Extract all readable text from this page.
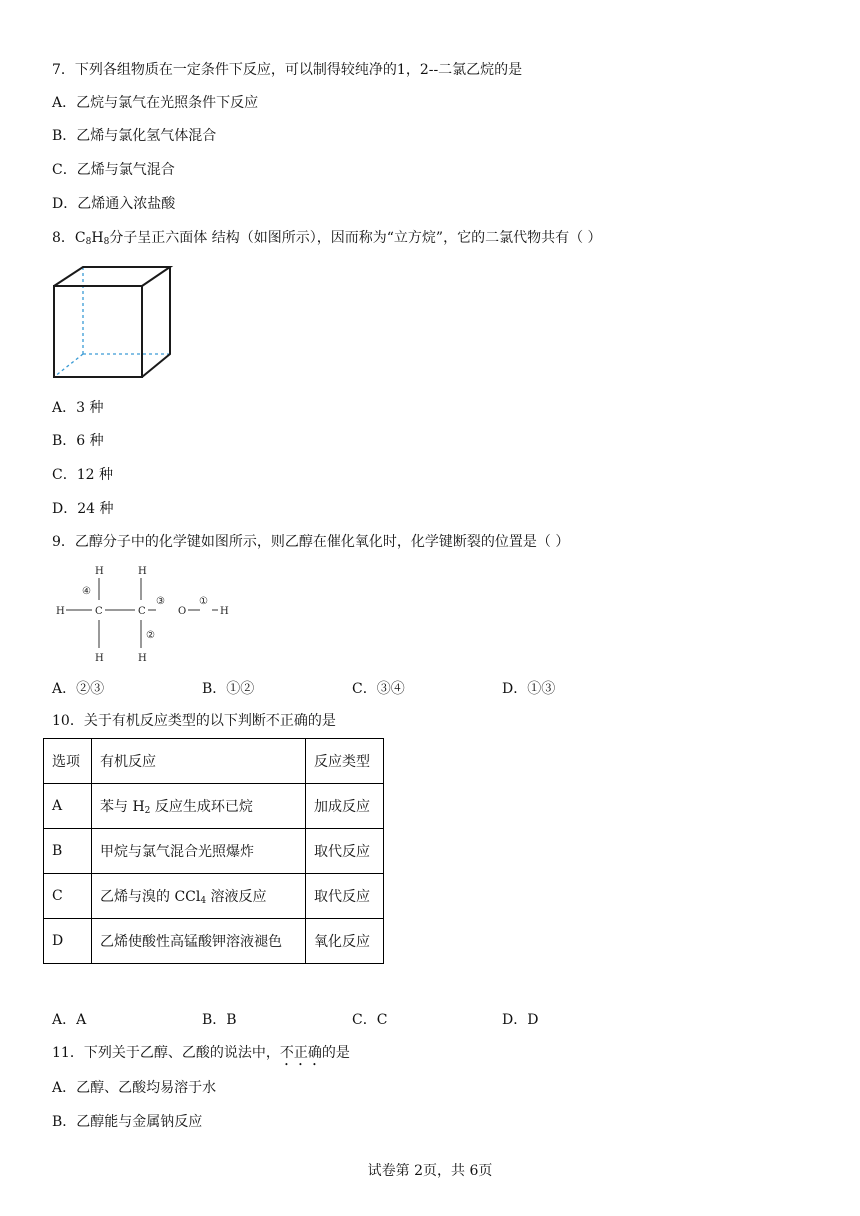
7．下列各组物质在一定条件下反应，可以制得较纯净的1，2--二氯乙烷的是
A．乙烷与氯气在光照条件下反应
B．乙烯与氯化氢气体混合
C．乙烯与氯气混合
D．乙烯通入浓盐酸
8．$C_8H_8$分子呈正六面体 结构（如图所示），因而称为“立方烷”，它的二氯代物共有（ ）
A．3 种
B．6 种
C．12 种
D．24 种
9．乙醇分子中的化学键如图所示，则乙醇在催化氧化时，化学键断裂的位置是（ ）
H	H
H	C	C	O	H
H	H
④
③	①
②
A．②③	B．①②	C．③④	D．①③
10．关于有机反应类型的以下判断不正确的是
选项	有机反应	反应类型
A	苯与 $H_2$ 反应生成环已烷	加成反应
B	甲烷与氯气混合光照爆炸	取代反应
C	乙烯与溴的 CCl$_4$ 溶液反应	取代反应
D	乙烯使酸性高锰酸钾溶液褪色	氧化反应
A．A	B．B	C．C	D．D
11．下列关于乙醇、乙酸的说法中，不正确的是
A．乙醇、乙酸均易溶于水
B．乙醇能与金属钠反应
试卷第 2页，共 6页
